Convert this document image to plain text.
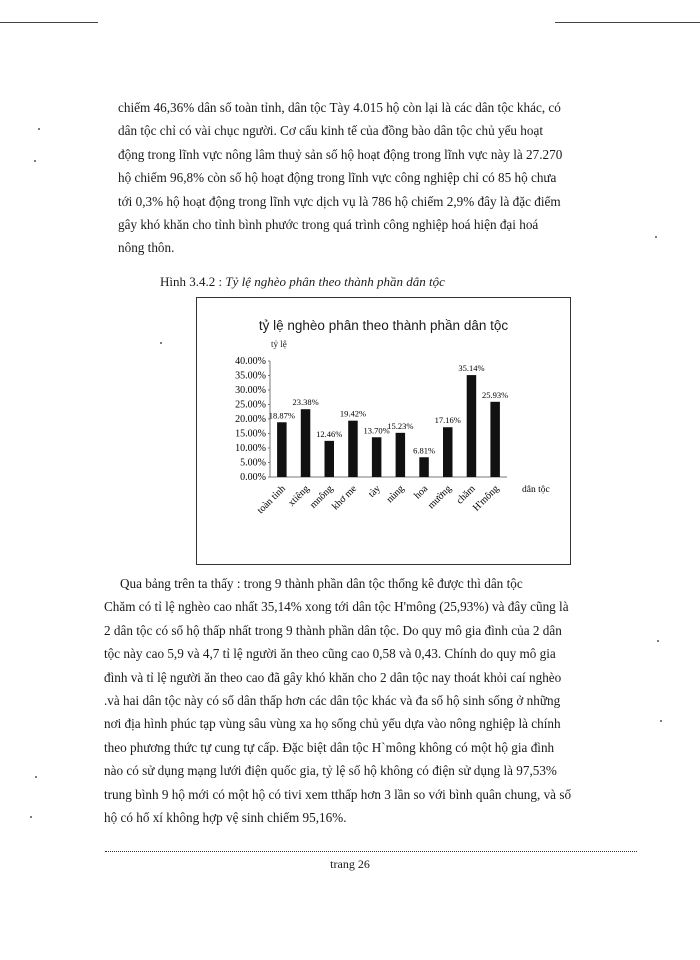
chiếm 46,36% dân số toàn tỉnh, dân tộc Tày 4.015 hộ còn lại là các dân tộc khác, có
dân tộc chỉ có vài chục người. Cơ cấu kinh tế của đồng bào dân tộc chủ yếu hoạt
động trong lĩnh vực nông lâm thuỷ sản số hộ hoạt động trong lĩnh vực này là 27.270
hộ chiếm 96,8% còn số hộ hoạt động trong lĩnh vực công nghiệp chỉ có 85 hộ chưa
tới 0,3% hộ hoạt động trong lĩnh vực dịch vụ là 786 hộ chiếm 2,9% đây là đặc điểm
gây khó khăn cho tỉnh bình phước trong quá trình công nghiệp hoá hiện đại hoá
nông thôn.
Hình 3.4.2 : Tỷ lệ nghèo phân theo thành phần dân tộc
tỷ lệ nghèo phân theo thành phần dân tộc
tỷ lệ
0.00%
5.00%
10.00%
15.00%
20.00%
25.00%
30.00%
35.00%
40.00%
18.87%
toàn tỉnh
23.38%
xtiêng
12.46%
mnông
19.42%
khơ me
13.70%
tày
15.23%
nùng
6.81%
hoa
17.16%
mường
35.14%
chăm
25.93%
H'mông dân tộc
Qua bảng trên ta thấy : trong 9 thành phần dân tộc thống kê được thì dân tộc
Chăm có tỉ lệ nghèo cao nhất 35,14% xong tới dân tộc H'mông (25,93%) và đây cũng là
2 dân tộc có số hộ thấp nhất trong 9 thành phần dân tộc. Do quy mô gia đình của 2 dân
tộc này cao 5,9 và 4,7 tỉ lệ người ăn theo cũng cao 0,58 và 0,43. Chính do quy mô gia
đình và tỉ lệ người ăn theo cao đã gây khó khăn cho 2 dân tộc nay thoát khỏi caí nghèo
.và hai dân tộc này có số dân thấp hơn các dân tộc khác và đa số hộ sinh sống ở những
nơi địa hình phúc tạp vùng sâu vùng xa họ sống chủ yếu dựa vào nông nghiệp là chính
theo phương thức tự cung tự cấp. Đặc biệt dân tộc H`mông không có một hộ gia đình
nào có sử dụng mạng lưới điện quốc gia, tỷ lệ số hộ không có điện sử dụng là 97,53%
trung bình 9 hộ mới có một hộ có tivi xem tthấp hơn 3 lần so với bình quân chung, và số
hộ có hố xí không hợp vệ sinh chiếm 95,16%.
trang 26
